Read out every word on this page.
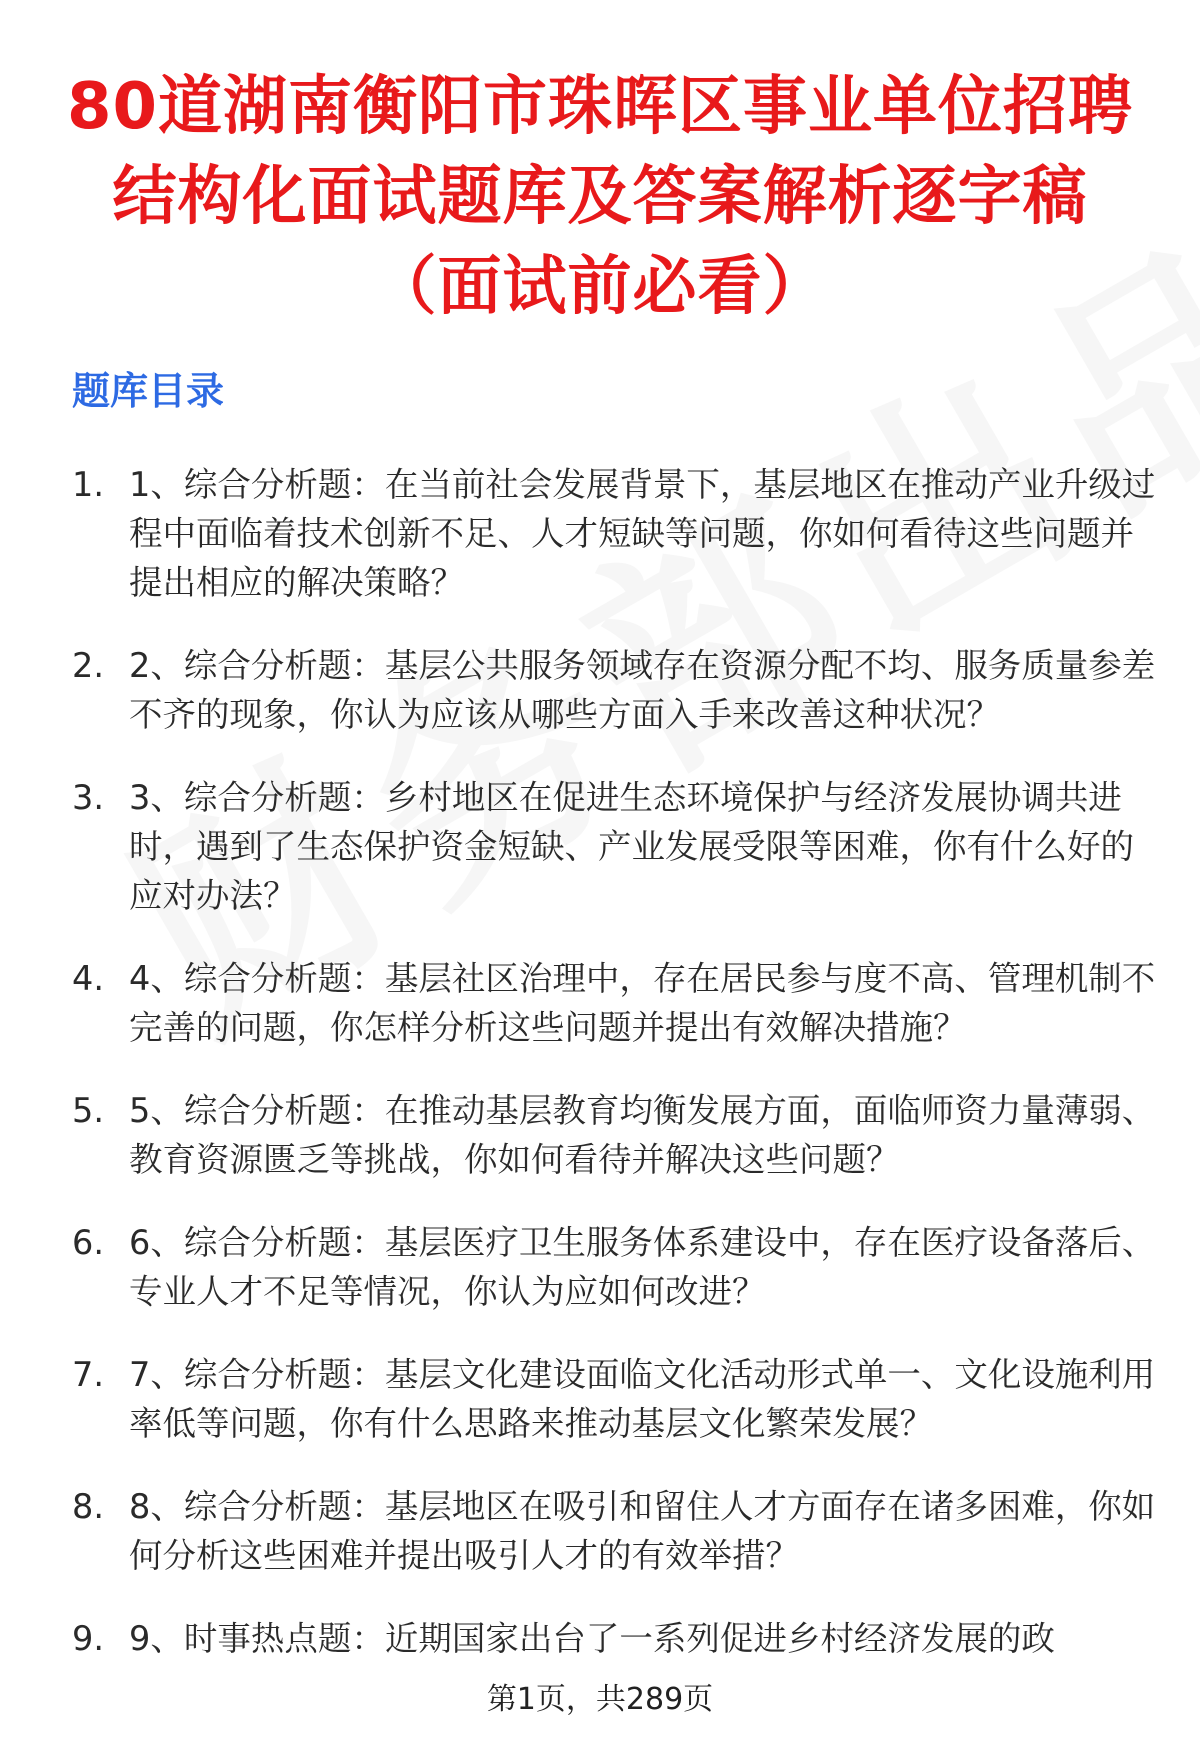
80道湖南衡阳市珠晖区事业单位招聘结构化面试题库及答案解析逐字稿（面试前必看）
题库目录
1. 1、综合分析题：在当前社会发展背景下，基层地区在推动产业升级过程中面临着技术创新不足、人才短缺等问题，你如何看待这些问题并提出相应的解决策略？
2. 2、综合分析题：基层公共服务领域存在资源分配不均、服务质量参差不齐的现象，你认为应该从哪些方面入手来改善这种状况？
3. 3、综合分析题：乡村地区在促进生态环境保护与经济发展协调共进时，遇到了生态保护资金短缺、产业发展受限等困难，你有什么好的应对办法？
4. 4、综合分析题：基层社区治理中，存在居民参与度不高、管理机制不完善的问题，你怎样分析这些问题并提出有效解决措施？
5. 5、综合分析题：在推动基层教育均衡发展方面，面临师资力量薄弱、教育资源匮乏等挑战，你如何看待并解决这些问题？
6. 6、综合分析题：基层医疗卫生服务体系建设中，存在医疗设备落后、专业人才不足等情况，你认为应如何改进？
7. 7、综合分析题：基层文化建设面临文化活动形式单一、文化设施利用率低等问题，你有什么思路来推动基层文化繁荣发展？
8. 8、综合分析题：基层地区在吸引和留住人才方面存在诸多困难，你如何分析这些困难并提出吸引人才的有效举措？
9. 9、时事热点题：近期国家出台了一系列促进乡村经济发展的政
第1页，共289页
